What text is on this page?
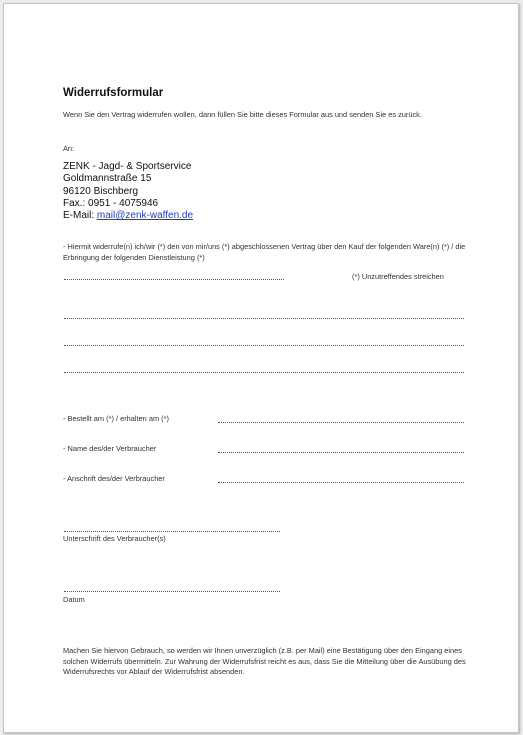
Widerrufsformular
Wenn Sie den Vertrag widerrufen wollen, dann füllen Sie bitte dieses Formular aus und senden Sie es zurück.
An:
ZENK - Jagd- & Sportservice
Goldmannstraße 15
96120 Bischberg
Fax.: 0951 - 4075946
E-Mail: mail@zenk-waffen.de
- Hiermit widerrufe(n) ich/wir (*) den von mir/uns (*) abgeschlossenen Vertrag über den Kauf der folgenden Ware(n) (*) / die Erbringung der folgenden Dienstleistung (*)
(*) Unzutreffendes streichen
- Bestellt am (*) / erhalten am (*)
- Name des/der Verbraucher
- Anschrift des/der Verbraucher
Unterschrift des Verbraucher(s)
Datum
Machen Sie hiervon Gebrauch, so werden wir Ihnen unverzüglich (z.B. per Mail) eine Bestätigung über den Eingang eines solchen Widerrufs übermitteln. Zur Wahrung der Widerrufsfrist reicht es aus, dass Sie die Mitteilung über die Ausübung des Widerrufsrechts vor Ablauf der Widerrufsfrist absenden.
